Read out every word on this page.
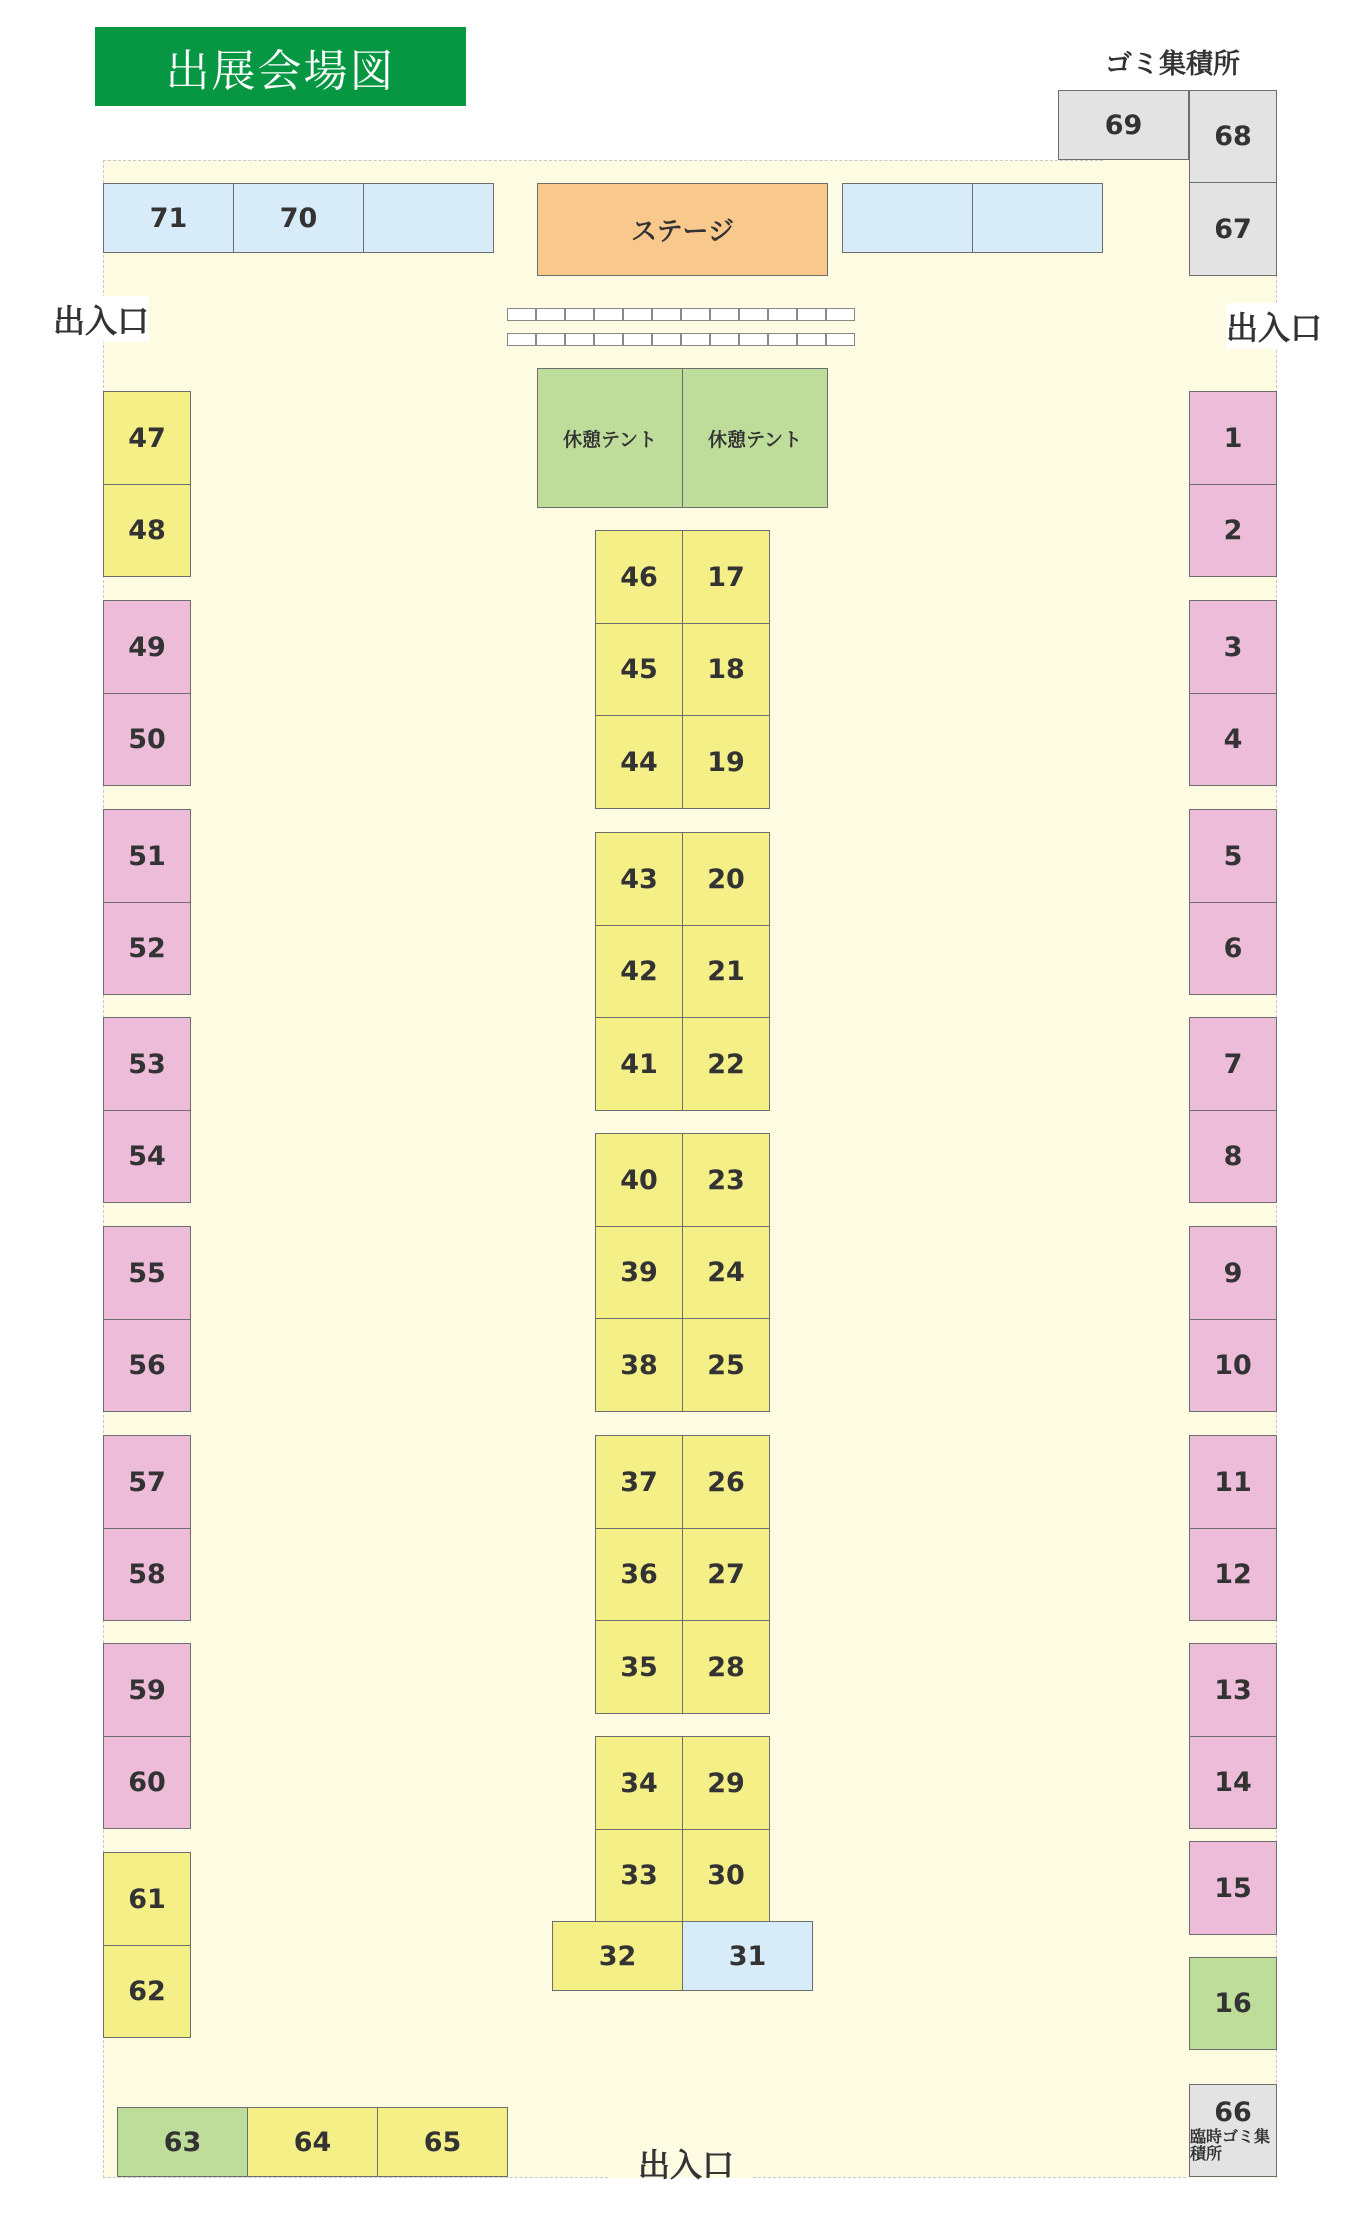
出展会場図	ゴミ集積所
出入口	出入口
出入口
71	70	ステージ
69	68
67
休憩テント	休憩テント
47
48
49
50
51
52
53
54
55
56
57
58
59
60
61
62
1
2
3
4
5
6
7
8
9
10
11
12
13
14
15
16
66
臨時ゴミ集積所
46	17
45	18
44	19
43	20
42	21
41	22
40	23
39	24
38	25
37	26
36	27
35	28
34	29
33	30
32	31
63	64	65
